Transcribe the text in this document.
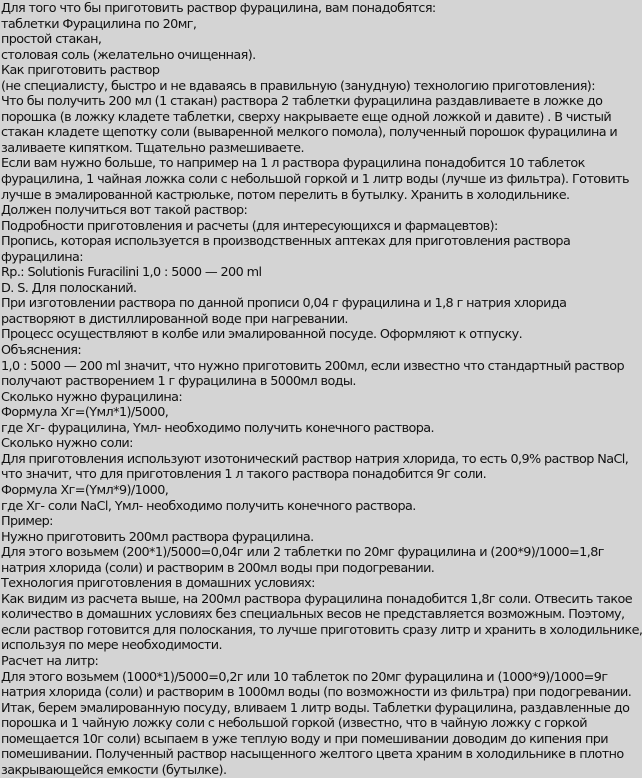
Для того что бы приготовить раствор фурацилина, вам понадобятся:
таблетки Фурацилина по 20мг,
простой стакан,
столовая соль (желательно очищенная).
Как приготовить раствор
(не специалисту, быстро и не вдаваясь в правильную (занудную) технологию приготовления):
Что бы получить 200 мл (1 стакан) раствора 2 таблетки фурацилина раздавливаете в ложке до
порошка (в ложку кладете таблетки, сверху накрываете еще одной ложкой и давите) . В чистый
стакан кладете щепотку соли (вываренной мелкого помола), полученный порошок фурацилина и
заливаете кипятком. Тщательно размешиваете.
Если вам нужно больше, то например на 1 л раствора фурацилина понадобится 10 таблеток
фурацилина, 1 чайная ложка соли с небольшой горкой и 1 литр воды (лучше из фильтра). Готовить
лучше в эмалированной кастрюльке, потом перелить в бутылку. Хранить в холодильнике.
Должен получиться вот такой раствор:
Подробности приготовления и расчеты (для интересующихся и фармацевтов):
Пропись, которая используется в производственных аптеках для приготовления раствора
фурацилина:
Rp.: Solutionis Furacilini 1,0 : 5000 — 200 ml
D. S. Для полосканий.
При изготовлении раствора по данной прописи 0,04 г фурацилина и 1,8 г натрия хлорида
растворяют в дистиллированной воде при нагревании.
Процесс осуществляют в колбе или эмалированной посуде. Оформляют к отпуску.
Объяснения:
1,0 : 5000 — 200 ml значит, что нужно приготовить 200мл, если известно что стандартный раствор
получают растворением 1 г фурацилина в 5000мл воды.
Сколько нужно фурацилина:
Формула Xг=(Yмл*1)/5000,
где Xг- фурацилина, Yмл- необходимо получить конечного раствора.
Сколько нужно соли:
Для приготовления используют изотонический раствор натрия хлорида, то есть 0,9% раствор NaCl,
что значит, что для приготовления 1 л такого раствора понадобится 9г соли.
Формула Xг=(Yмл*9)/1000,
где Xг- соли NaCl, Yмл- необходимо получить конечного раствора.
Пример:
Нужно приготовить 200мл раствора фурацилина.
Для этого возьмем (200*1)/5000=0,04г или 2 таблетки по 20мг фурацилина и (200*9)/1000=1,8г
натрия хлорида (соли) и растворим в 200мл воды при подогревании.
Технология приготовления в домашних условиях:
Как видим из расчета выше, на 200мл раствора фурацилина понадобится 1,8г соли. Отвесить такое
количество в домашних условиях без специальных весов не представляется возможным. Поэтому,
если раствор готовится для полоскания, то лучше приготовить сразу литр и хранить в холодильнике,
используя по мере необходимости.
Расчет на литр:
Для этого возьмем (1000*1)/5000=0,2г или 10 таблеток по 20мг фурацилина и (1000*9)/1000=9г
натрия хлорида (соли) и растворим в 1000мл воды (по возможности из фильтра) при подогревании.
Итак, берем эмалированную посуду, вливаем 1 литр воды. Таблетки фурацилина, раздавленные до
порошка и 1 чайную ложку соли с небольшой горкой (известно, что в чайную ложку с горкой
помещается 10г соли) всыпаем в уже теплую воду и при помешивании доводим до кипения при
помешивании. Полученный раствор насыщенного желтого цвета храним в холодильнике в плотно
закрывающейся емкости (бутылке).
